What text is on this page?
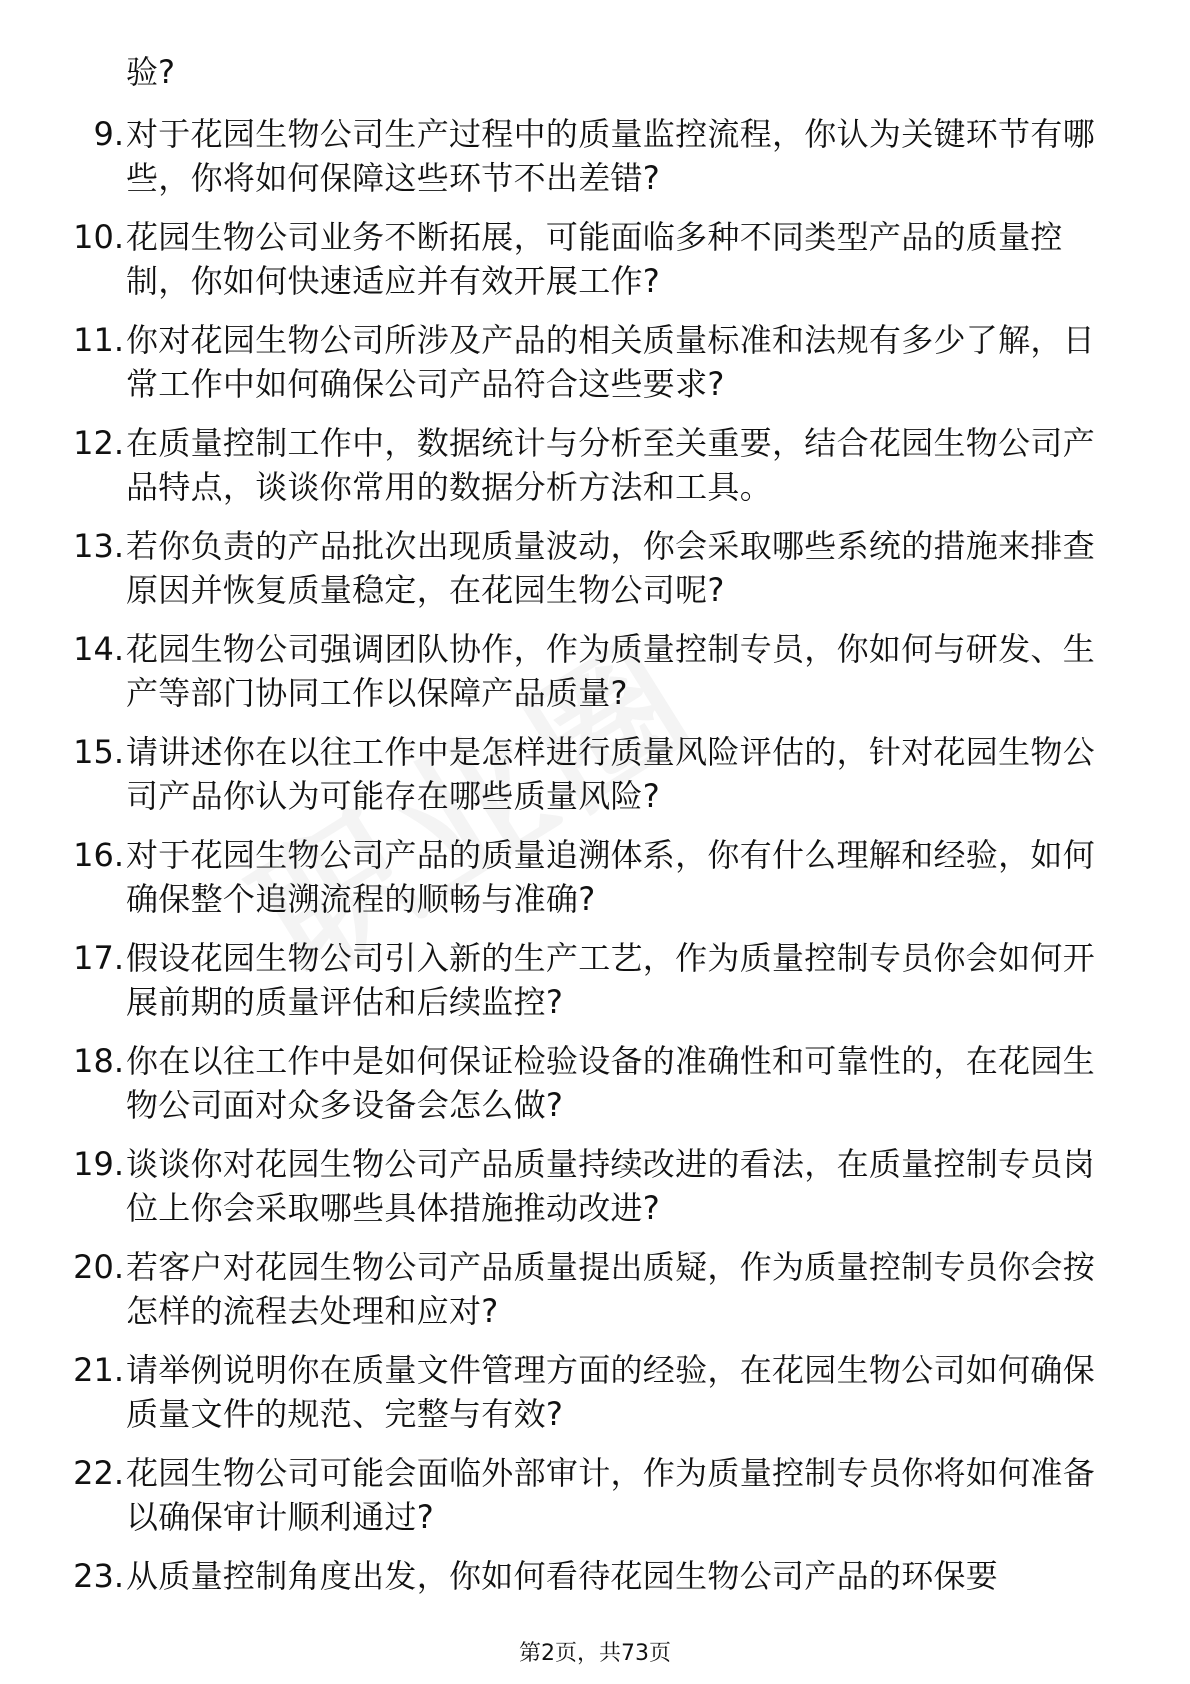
验?
9. 对于花园生物公司生产过程中的质量监控流程，你认为关键环节有哪些，你将如何保障这些环节不出差错?
10. 花园生物公司业务不断拓展，可能面临多种不同类型产品的质量控制，你如何快速适应并有效开展工作?
11. 你对花园生物公司所涉及产品的相关质量标准和法规有多少了解，日常工作中如何确保公司产品符合这些要求?
12. 在质量控制工作中，数据统计与分析至关重要，结合花园生物公司产品特点，谈谈你常用的数据分析方法和工具。
13. 若你负责的产品批次出现质量波动，你会采取哪些系统的措施来排查原因并恢复质量稳定，在花园生物公司呢?
14. 花园生物公司强调团队协作，作为质量控制专员，你如何与研发、生产等部门协同工作以保障产品质量?
15. 请讲述你在以往工作中是怎样进行质量风险评估的，针对花园生物公司产品你认为可能存在哪些质量风险?
16. 对于花园生物公司产品的质量追溯体系，你有什么理解和经验，如何确保整个追溯流程的顺畅与准确?
17. 假设花园生物公司引入新的生产工艺，作为质量控制专员你会如何开展前期的质量评估和后续监控?
18. 你在以往工作中是如何保证检验设备的准确性和可靠性的，在花园生物公司面对众多设备会怎么做?
19. 谈谈你对花园生物公司产品质量持续改进的看法，在质量控制专员岗位上你会采取哪些具体措施推动改进?
20. 若客户对花园生物公司产品质量提出质疑，作为质量控制专员你会按怎样的流程去处理和应对?
21. 请举例说明你在质量文件管理方面的经验，在花园生物公司如何确保质量文件的规范、完整与有效?
22. 花园生物公司可能会面临外部审计，作为质量控制专员你将如何准备以确保审计顺利通过?
23. 从质量控制角度出发，你如何看待花园生物公司产品的环保要
第2页，共73页
